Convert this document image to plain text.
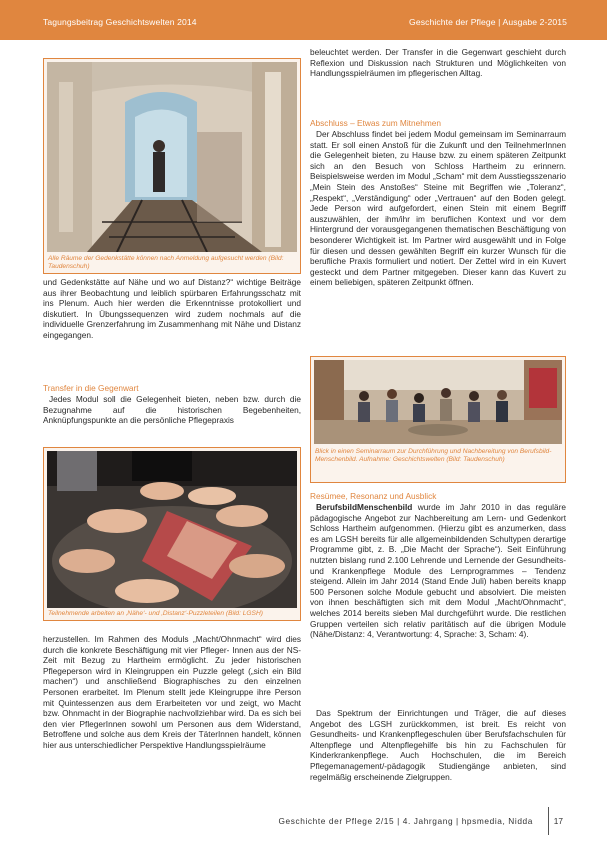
Tagungsbeitrag Geschichtswelten 2014	Geschichte der Pflege | Ausgabe 2-2015
Alle Räume der Gedenkstätte können nach Anmeldung aufgesucht werden (Bild: Taudenschuh)
und Gedenkstätte auf Nähe und wo auf Distanz?“ wichtige Beiträge aus ihrer Beobachtung und leiblich spürbaren Erfahrungsschatz mit ins Plenum. Auch hier werden die Erkenntnisse protokolliert und diskutiert. In Übungssequenzen wird zudem nochmals auf die individuelle Grenzerfahrung im Zusammenhang mit Nähe und Distanz eingegangen.
Transfer in die Gegenwart
Jedes Modul soll die Gelegenheit bieten, neben bzw. durch die Bezugnahme auf die historischen Begebenheiten, Anknüpfungspunkte an die persönliche Pflegepraxis
Teilnehmende arbeiten an ‚Nähe‘- und ‚Distanz‘-Puzzleteilen (Bild: LGSH)
herzustellen. Im Rahmen des Moduls „Macht/Ohnmacht“ wird dies durch die konkrete Beschäftigung mit vier Pfleger- Innen aus der NS-Zeit mit Bezug zu Hartheim ermöglicht. Zu jeder historischen Pflegeperson wird in Kleingruppen ein Puzzle gelegt („sich ein Bild machen“) und anschließend Biographisches zu den einzelnen Personen erarbeitet. Im Plenum stellt jede Kleingruppe ihre Person mit Quintessenzen aus dem Erarbeiteten vor und zeigt, wo Macht bzw. Ohnmacht in der Biographie nachvollziehbar wird. Da es sich bei den vier PflegerInnen sowohl um Personen aus dem Widerstand, Betroffene und solche aus dem Kreis der TäterInnen handelt, können hier aus unterschiedlicher Perspektive Handlungsspielräume
beleuchtet werden. Der Transfer in die Gegenwart geschieht durch Reflexion und Diskussion nach Strukturen und Möglichkeiten von Handlungsspielräumen im pflegerischen Alltag.
Abschluss – Etwas zum Mitnehmen
Der Abschluss findet bei jedem Modul gemeinsam im Seminarraum statt. Er soll einen Anstoß für die Zukunft und den TeilnehmerInnen die Gelegenheit bieten, zu Hause bzw. zu einem späteren Zeitpunkt sich an den Besuch von Schloss Hartheim zu erinnern. Beispielsweise werden im Modul „Scham“ mit dem Ausstiegsszenario „Mein Stein des Anstoßes“ Steine mit Begriffen wie „Toleranz“, „Respekt“, „Verständigung“ oder „Vertrauen“ auf den Boden gelegt. Jede Person wird aufgefordert, einen Stein mit einem Begriff auszuwählen, der ihm/ihr im beruflichen Kontext und vor dem Hintergrund der vorausgegangenen thematischen Beschäftigung von besonderer Wichtigkeit ist. Im Partner wird ausgewählt und in Folge für diesen und dessen gewählten Begriff ein kurzer Wunsch für die berufliche Praxis formuliert und notiert. Der Zettel wird in ein Kuvert gesteckt und dem Partner mitgegeben. Dieser kann das Kuvert zu einem beliebigen, späteren Zeitpunkt öffnen.
Blick in einen Seminarraum zur Durchführung und Nachbereitung von Berufsbild-Menschenbild. Aufnahme: Geschichtswelten (Bild: Taudenschuh)
Resümee, Resonanz und Ausblick
BerufsbildMenschenbild wurde im Jahr 2010 in das reguläre pädagogische Angebot zur Nachbereitung am Lern- und Gedenkort Schloss Hartheim aufgenommen. (Hierzu gibt es anzumerken, dass es am LGSH bereits für alle allgemeinbildenden Schultypen derartige Programme gibt, z. B. „Die Macht der Sprache“). Seit Einführung nutzten bislang rund 2.100 Lehrende und Lernende der Gesundheits- und Krankenpflege Module des Lernprogrammes – Tendenz steigend. Allein im Jahr 2014 (Stand Ende Juli) haben bereits knapp 500 Personen solche Module gebucht und absolviert. Die meisten von ihnen beschäftigten sich mit dem Modul „Macht/Ohnmacht“, welches 2014 bereits sieben Mal durchgeführt wurde. Die restlichen Gruppen verteilen sich relativ paritätisch auf die übrigen Module (Nähe/Distanz: 4, Verantwortung: 4, Sprache: 3, Scham: 4).
Das Spektrum der Einrichtungen und Träger, die auf dieses Angebot des LGSH zurückkommen, ist breit. Es reicht von Gesundheits- und Krankenpflegeschulen über Berufsfachschulen für Altenpflege und Altenpflegehilfe bis hin zu Fachschulen für Kinderkrankenpflege. Auch Hochschulen, die im Bereich Pflegemanagement/-pädagogik Studiengänge anbieten, sind regelmäßig erscheinende Zielgruppen.
Geschichte der Pflege 2/15 | 4. Jahrgang | hpsmedia, Nidda	17
